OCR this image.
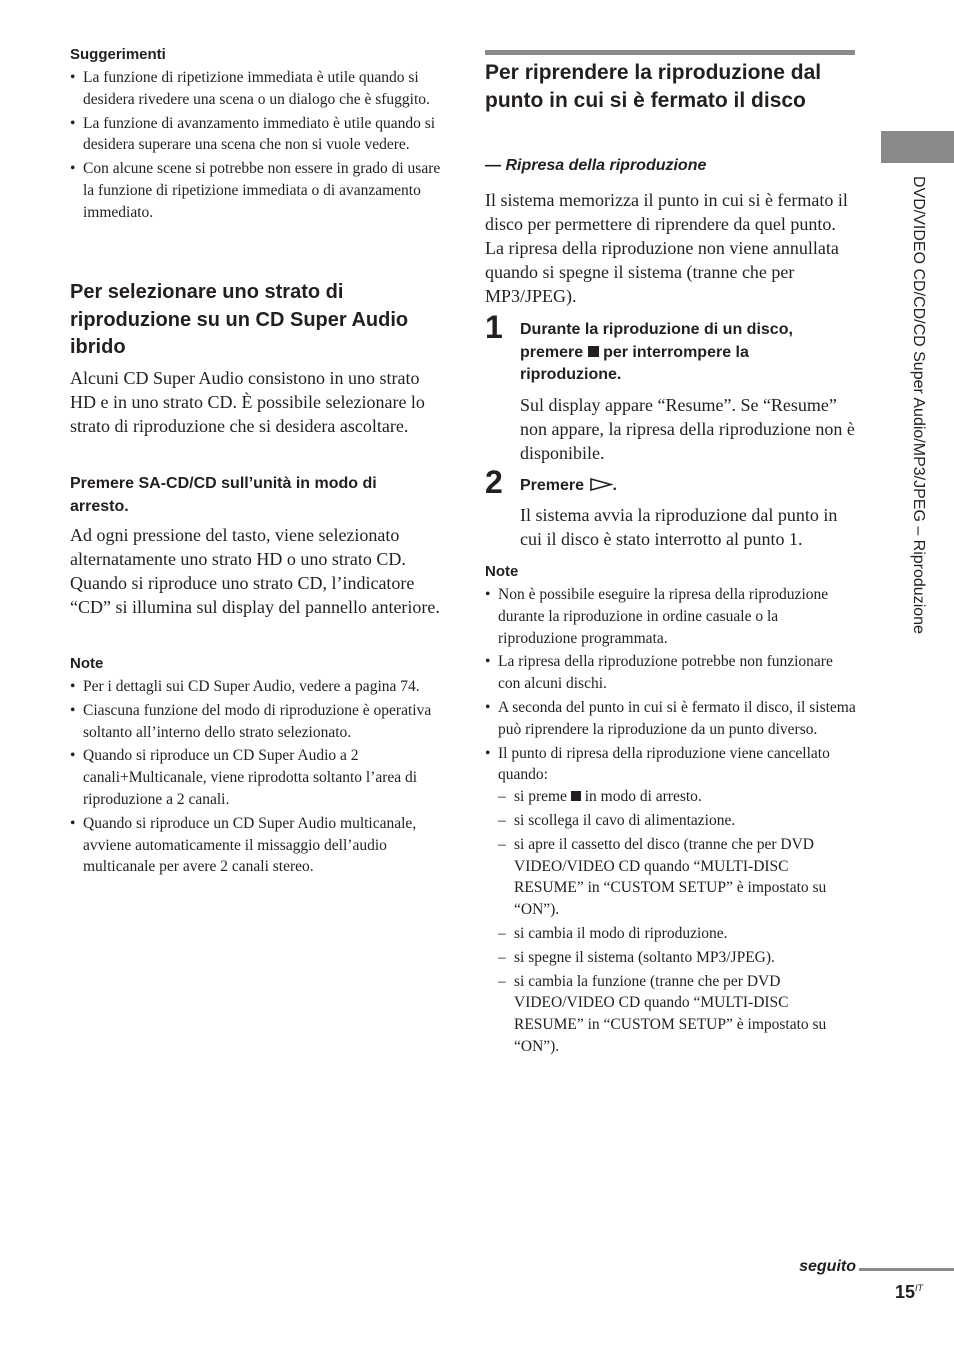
Suggerimenti
• La funzione di ripetizione immediata è utile quando si desidera rivedere una scena o un dialogo che è sfuggito.
• La funzione di avanzamento immediato è utile quando si desidera superare una scena che non si vuole vedere.
• Con alcune scene si potrebbe non essere in grado di usare la funzione di ripetizione immediata o di avanzamento immediato.
Per selezionare uno strato di riproduzione su un CD Super Audio ibrido

Alcuni CD Super Audio consistono in uno strato HD e in uno strato CD. È possibile selezionare lo strato di riproduzione che si desidera ascoltare.

Premere SA-CD/CD sull’unità in modo di arresto.

Ad ogni pressione del tasto, viene selezionato alternatamente uno strato HD o uno strato CD. Quando si riproduce uno strato CD, l’indicatore “CD” si illumina sul display del pannello anteriore.

Note
• Per i dettagli sui CD Super Audio, vedere a pagina 74.
• Ciascuna funzione del modo di riproduzione è operativa soltanto all’interno dello strato selezionato.
• Quando si riproduce un CD Super Audio a 2 canali+Multicanale, viene riprodotta soltanto l’area di riproduzione a 2 canali.
• Quando si riproduce un CD Super Audio multicanale, avviene automaticamente il missaggio dell’audio multicanale per avere 2 canali stereo.
Per riprendere la riproduzione dal punto in cui si è fermato il disco
— Ripresa della riproduzione

Il sistema memorizza il punto in cui si è fermato il disco per permettere di riprendere da quel punto. La ripresa della riproduzione non viene annullata quando si spegne il sistema (tranne che per MP3/JPEG).

1 Durante la riproduzione di un disco, premere per interrompere la riproduzione.

Sul display appare “Resume”. Se “Resume” non appare, la ripresa della riproduzione non è disponibile.

2 Premere .

Il sistema avvia la riproduzione dal punto in cui il disco è stato interrotto al punto 1.

Note
• Non è possibile eseguire la ripresa della riproduzione durante la riproduzione in ordine casuale o la riproduzione programmata.
• La ripresa della riproduzione potrebbe non funzionare con alcuni dischi.
• A seconda del punto in cui si è fermato il disco, il sistema può riprendere la riproduzione da un punto diverso.
• Il punto di ripresa della riproduzione viene cancellato quando:
– si preme in modo di arresto.
– si scollega il cavo di alimentazione.
– si apre il cassetto del disco (tranne che per DVD VIDEO/VIDEO CD quando “MULTI-DISC RESUME” in “CUSTOM SETUP” è impostato su “ON”).
– si cambia il modo di riproduzione.
– si spegne il sistema (soltanto MP3/JPEG).
– si cambia la funzione (tranne che per DVD VIDEO/VIDEO CD quando “MULTI-DISC RESUME” in “CUSTOM SETUP” è impostato su “ON”).
DVD/VIDEO CD/CD/CD Super Audio/MP3/JPEG – Riproduzione
seguito
$15^{IT}$
